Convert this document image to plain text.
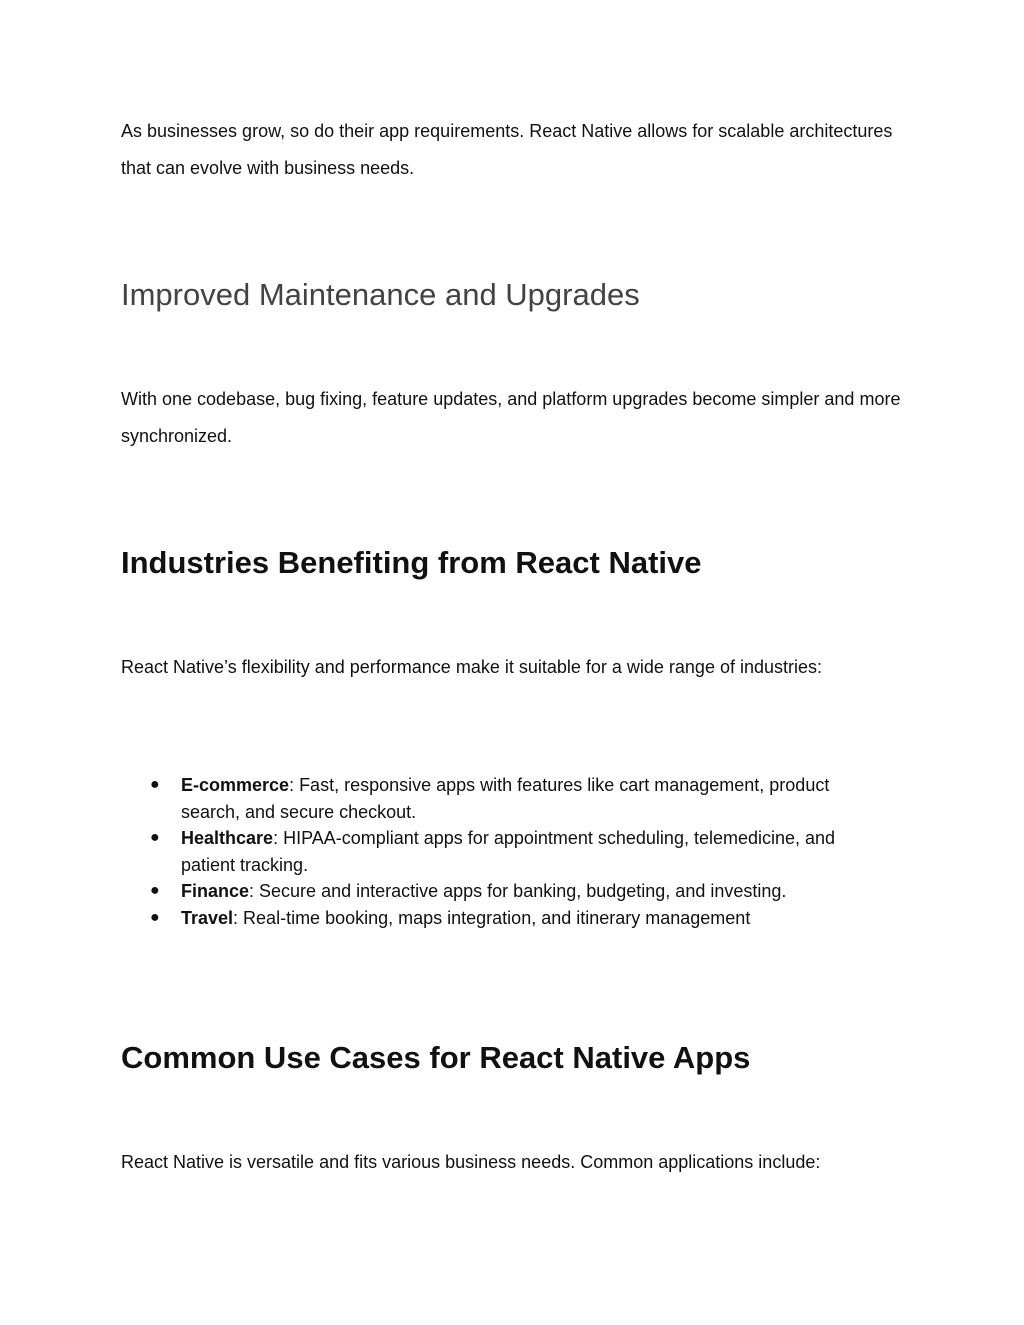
As businesses grow, so do their app requirements. React Native allows for scalable architectures that can evolve with business needs.

Improved Maintenance and Upgrades

With one codebase, bug fixing, feature updates, and platform upgrades become simpler and more synchronized.

Industries Benefiting from React Native

React Native’s flexibility and performance make it suitable for a wide range of industries:

● E-commerce: Fast, responsive apps with features like cart management, product search, and secure checkout.
● Healthcare: HIPAA-compliant apps for appointment scheduling, telemedicine, and patient tracking.
● Finance: Secure and interactive apps for banking, budgeting, and investing.
● Travel: Real-time booking, maps integration, and itinerary management
Common Use Cases for React Native Apps

React Native is versatile and fits various business needs. Common applications include:
